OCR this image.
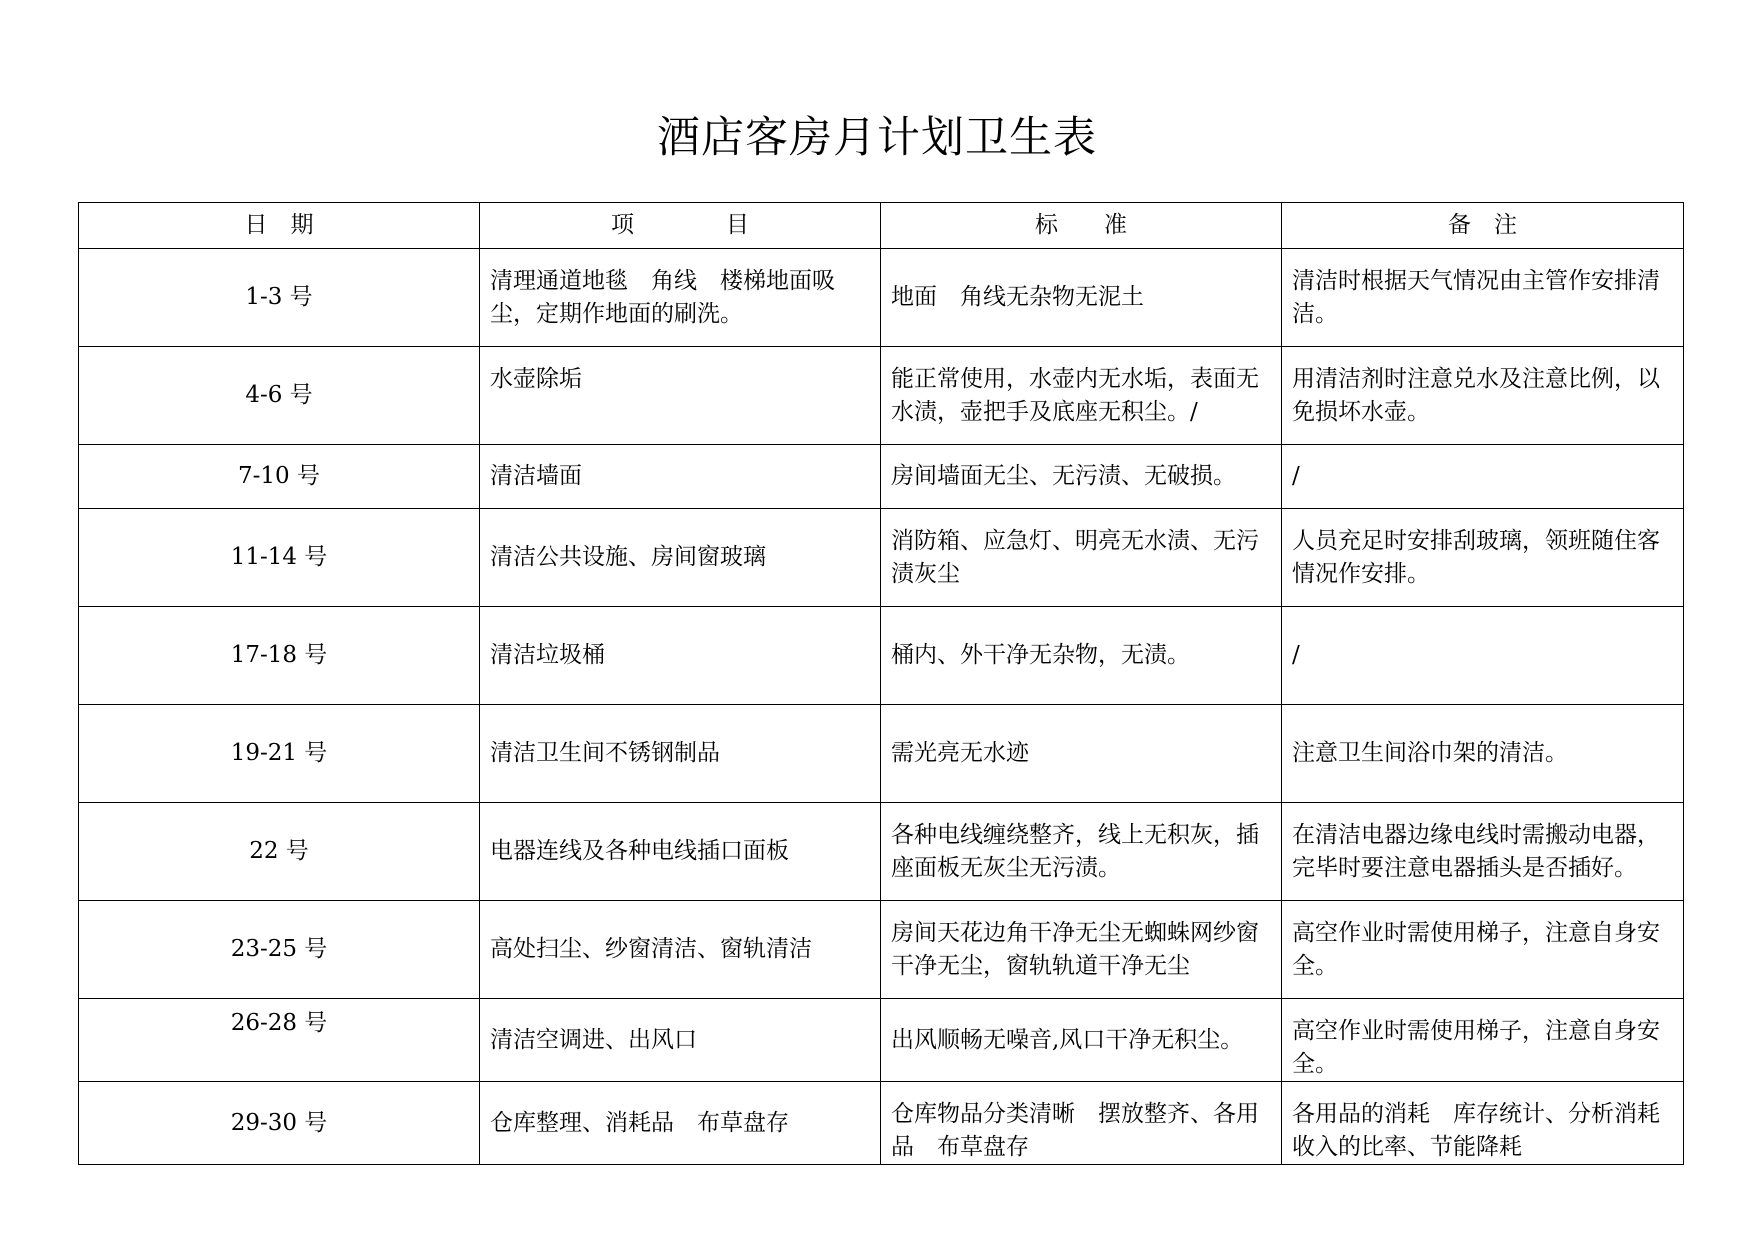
酒店客房月计划卫生表
日　期	项　　　　目	标　　准	备　注
1-3 号	清理通道地毯　角线　楼梯地面吸尘，定期作地面的刷洗。	地面　角线无杂物无泥土	清洁时根据天气情况由主管作安排清洁。
4-6 号	水壶除垢	能正常使用，水壶内无水垢，表面无水渍，壶把手及底座无积尘。/	用清洁剂时注意兑水及注意比例，以免损坏水壶。
7-10 号	清洁墙面	房间墙面无尘、无污渍、无破损。	/
11-14 号	清洁公共设施、房间窗玻璃	消防箱、应急灯、明亮无水渍、无污渍灰尘	人员充足时安排刮玻璃，领班随住客情况作安排。
17-18 号	清洁垃圾桶	桶内、外干净无杂物，无渍。	/
19-21 号	清洁卫生间不锈钢制品	需光亮无水迹	注意卫生间浴巾架的清洁。
22 号	电器连线及各种电线插口面板	各种电线缠绕整齐，线上无积灰，插座面板无灰尘无污渍。	在清洁电器边缘电线时需搬动电器，完毕时要注意电器插头是否插好。
23-25 号	高处扫尘、纱窗清洁、窗轨清洁	房间天花边角干净无尘无蜘蛛网纱窗干净无尘，窗轨轨道干净无尘	高空作业时需使用梯子，注意自身安全。
26-28 号	清洁空调进、出风口	出风顺畅无噪音,风口干净无积尘。	高空作业时需使用梯子，注意自身安全。
29-30 号	仓库整理、消耗品　布草盘存	仓库物品分类清晰　摆放整齐、各用品　布草盘存	各用品的消耗　库存统计、分析消耗收入的比率、节能降耗
